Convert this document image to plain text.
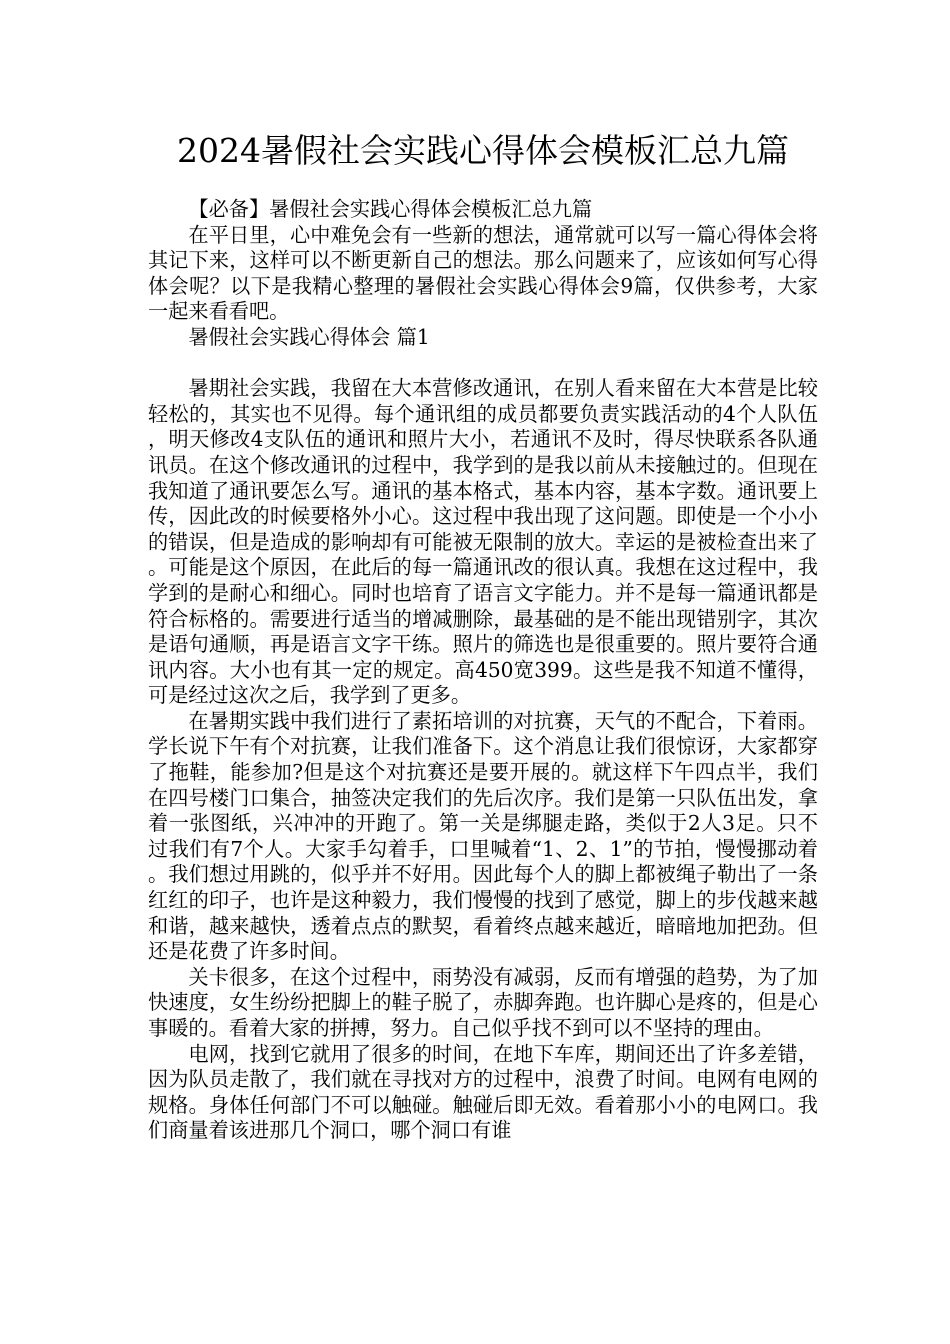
2024暑假社会实践心得体会模板汇总九篇

【必备】暑假社会实践心得体会模板汇总九篇

在平日里，心中难免会有一些新的想法，通常就可以写一篇心得体会将其记下来，这样可以不断更新自己的想法。那么问题来了，应该如何写心得体会呢？以下是我精心整理的暑假社会实践心得体会9篇，仅供参考，大家一起来看看吧。

暑假社会实践心得体会 篇1

暑期社会实践，我留在大本营修改通讯，在别人看来留在大本营是比较轻松的，其实也不见得。每个通讯组的成员都要负责实践活动的4个人队伍，明天修改4支队伍的通讯和照片大小，若通讯不及时，得尽快联系各队通讯员。在这个修改通讯的过程中，我学到的是我以前从未接触过的。但现在我知道了通讯要怎么写。通讯的基本格式，基本内容，基本字数。通讯要上传，因此改的时候要格外小心。这过程中我出现了这问题。即使是一个小小的错误，但是造成的影响却有可能被无限制的放大。幸运的是被检查出来了。可能是这个原因，在此后的每一篇通讯改的很认真。我想在这过程中，我学到的是耐心和细心。同时也培育了语言文字能力。并不是每一篇通讯都是符合标格的。需要进行适当的增减删除，最基础的是不能出现错别字，其次是语句通顺，再是语言文字干练。照片的筛选也是很重要的。照片要符合通讯内容。大小也有其一定的规定。高450宽399。这些是我不知道不懂得，可是经过这次之后，我学到了更多。

在暑期实践中我们进行了素拓培训的对抗赛，天气的不配合，下着雨。学长说下午有个对抗赛，让我们准备下。这个消息让我们很惊讶，大家都穿了拖鞋，能参加?但是这个对抗赛还是要开展的。就这样下午四点半，我们在四号楼门口集合，抽签决定我们的先后次序。我们是第一只队伍出发，拿着一张图纸，兴冲冲的开跑了。第一关是绑腿走路，类似于2人3足。只不过我们有7个人。大家手勾着手，口里喊着“1、2、1”的节拍，慢慢挪动着。我们想过用跳的，似乎并不好用。因此每个人的脚上都被绳子勒出了一条红红的印子，也许是这种毅力，我们慢慢的找到了感觉，脚上的步伐越来越和谐，越来越快，透着点点的默契，看着终点越来越近，暗暗地加把劲。但还是花费了许多时间。

关卡很多，在这个过程中，雨势没有减弱，反而有增强的趋势，为了加快速度，女生纷纷把脚上的鞋子脱了，赤脚奔跑。也许脚心是疼的，但是心事暖的。看着大家的拼搏，努力。自己似乎找不到可以不坚持的理由。

电网，找到它就用了很多的时间，在地下车库，期间还出了许多差错，因为队员走散了，我们就在寻找对方的过程中，浪费了时间。电网有电网的规格。身体任何部门不可以触碰。触碰后即无效。看着那小小的电网口。我们商量着该进那几个洞口，哪个洞口有谁
